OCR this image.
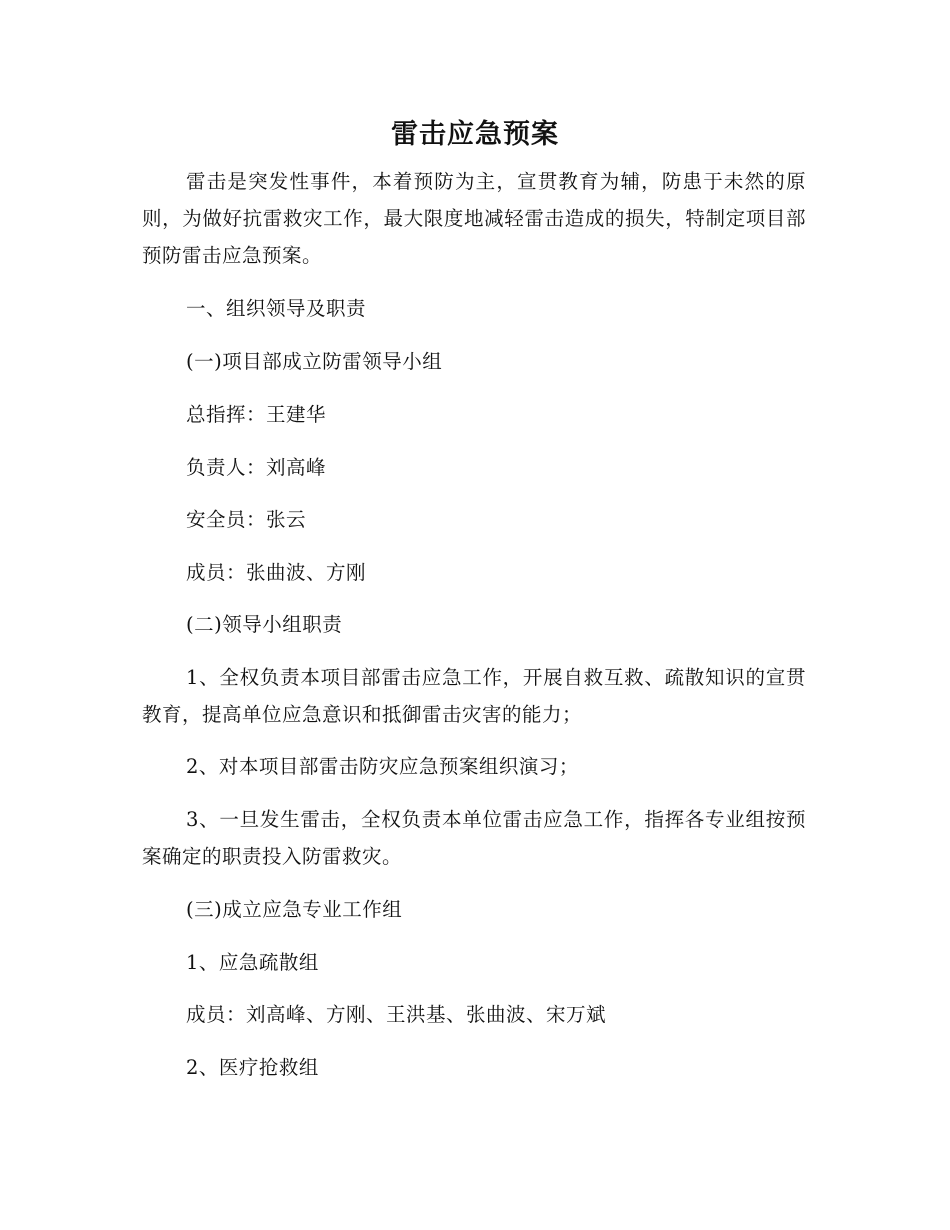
雷击应急预案

雷击是突发性事件，本着预防为主，宣贯教育为辅，防患于未然的原则，为做好抗雷救灾工作，最大限度地减轻雷击造成的损失，特制定项目部预防雷击应急预案。

一、组织领导及职责

(一)项目部成立防雷领导小组

总指挥：王建华

负责人：刘高峰

安全员：张云

成员：张曲波、方刚

(二)领导小组职责

1、全权负责本项目部雷击应急工作，开展自救互救、疏散知识的宣贯教育，提高单位应急意识和抵御雷击灾害的能力；

2、对本项目部雷击防灾应急预案组织演习；

3、一旦发生雷击，全权负责本单位雷击应急工作，指挥各专业组按预案确定的职责投入防雷救灾。

(三)成立应急专业工作组

1、应急疏散组

成员：刘高峰、方刚、王洪基、张曲波、宋万斌

2、医疗抢救组
